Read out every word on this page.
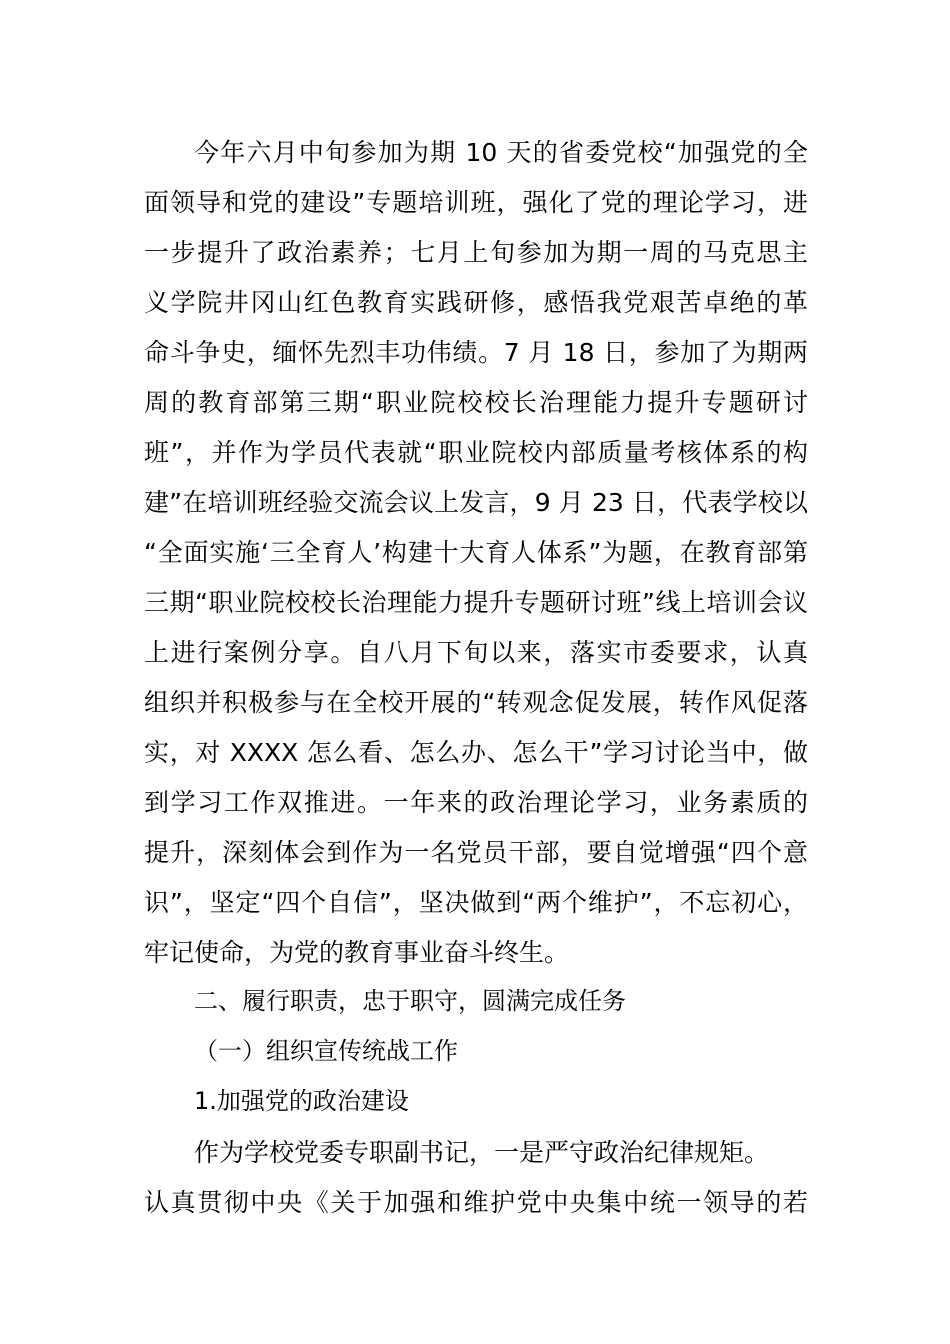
今年六月中旬参加为期 10 天的省委党校“加强党的全
面领导和党的建设”专题培训班，强化了党的理论学习，进
一步提升了政治素养；七月上旬参加为期一周的马克思主
义学院井冈山红色教育实践研修，感悟我党艰苦卓绝的革
命斗争史，缅怀先烈丰功伟绩。7 月 18 日，参加了为期两
周的教育部第三期“职业院校校长治理能力提升专题研讨
班”，并作为学员代表就“职业院校内部质量考核体系的构
建”在培训班经验交流会议上发言，9 月 23 日，代表学校以
“全面实施‘三全育人’构建十大育人体系”为题，在教育部第
三期“职业院校校长治理能力提升专题研讨班”线上培训会议
上进行案例分享。自八月下旬以来，落实市委要求，认真
组织并积极参与在全校开展的“转观念促发展，转作风促落
实，对 XXXX 怎么看、怎么办、怎么干”学习讨论当中，做
到学习工作双推进。一年来的政治理论学习，业务素质的
提升，深刻体会到作为一名党员干部，要自觉增强“四个意
识”，坚定“四个自信”，坚决做到“两个维护”，不忘初心，
牢记使命，为党的教育事业奋斗终生。
二、履行职责，忠于职守，圆满完成任务
（一）组织宣传统战工作
1.加强党的政治建设
作为学校党委专职副书记，一是严守政治纪律规矩。
认真贯彻中央《关于加强和维护党中央集中统一领导的若
